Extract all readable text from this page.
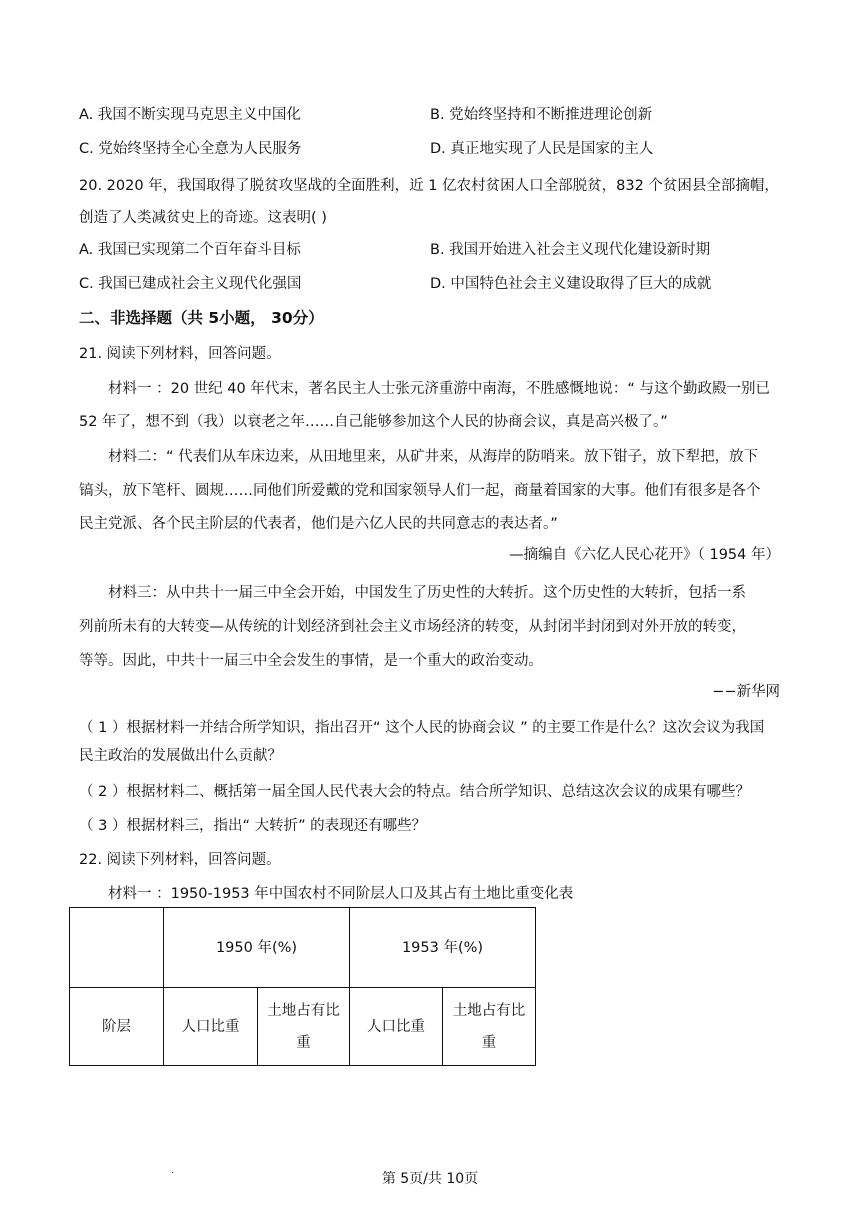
A. 我国不断实现马克思主义中国化	B. 党始终坚持和不断推进理论创新
C. 党始终坚持全心全意为人民服务	D. 真正地实现了人民是国家的主人
20. 2020 年，我国取得了脱贫攻坚战的全面胜利，近 1 亿农村贫困人口全部脱贫，832 个贫困县全部摘帽，
创造了人类减贫史上的奇迹。这表明( )
A. 我国已实现第二个百年奋斗目标	B. 我国开始进入社会主义现代化建设新时期
C. 我国已建成社会主义现代化强国	D. 中国特色社会主义建设取得了巨大的成就
二、非选择题（共 5小题， 30分）
21. 阅读下列材料，回答问题。
材料一 ：20 世纪 40 年代末，著名民主人士张元济重游中南海，不胜感慨地说：“ 与这个勤政殿一别已
52 年了，想不到（我）以衰老之年……自己能够参加这个人民的协商会议，真是高兴极了。”
材料二：“ 代表们从车床边来，从田地里来，从矿井来，从海岸的防哨来。放下钳子，放下犁把，放下
镐头，放下笔杆、圆规……同他们所爱戴的党和国家领导人们一起，商量着国家的大事。他们有很多是各个
民主党派、各个民主阶层的代表者，他们是六亿人民的共同意志的表达者。”
—摘编自《六亿人民心花开》（ 1954 年）
材料三：从中共十一届三中全会开始，中国发生了历史性的大转折。这个历史性的大转折，包括一系
列前所未有的大转变—从传统的计划经济到社会主义市场经济的转变，从封闭半封闭到对外开放的转变，
等等。因此，中共十一届三中全会发生的事情，是一个重大的政治变动。
−−新华网
（ 1 ）根据材料一并结合所学知识，指出召开“ 这个人民的协商会议 ” 的主要工作是什么？这次会议为我国
民主政治的发展做出什么贡献？
（ 2 ）根据材料二、概括第一届全国人民代表大会的特点。结合所学知识、总结这次会议的成果有哪些？
（ 3 ）根据材料三，指出“ 大转折” 的表现还有哪些？
22. 阅读下列材料，回答问题。
材料一 ：1950-1953 年中国农村不同阶层人口及其占有土地比重变化表
	1950 年(%)		1953 年(%)	
阶层	人口比重	土地占有比重	人口比重	土地占有比重
.
第 5页/共 10页
